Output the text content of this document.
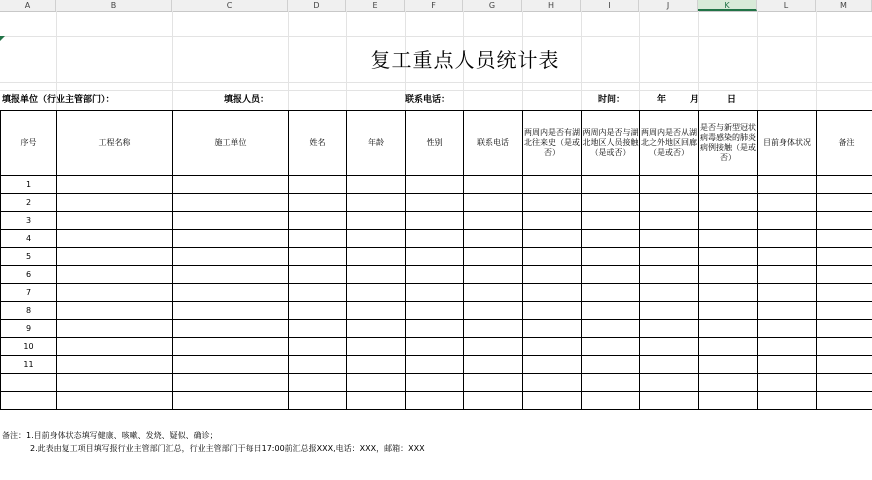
A	B	C	D	E	F	G	H	I	J	K	L	M
复工重点人员统计表
填报单位（行业主管部门）：	填报人员：	联系电话：	时间：	年	月	日
序号	工程名称	施工单位	姓名	年龄	性别	联系电话	两周内是否有湖北往来史（是或否）	两周内是否与湖北地区人员接触（是或否）	两周内是否从湖北之外地区回廊（是或否）	是否与新型冠状病毒感染的肺炎病例接触（是或否）	目前身体状况	备注
1												
2												
3												
4												
5												
6												
7												
8												
9												
10												
11												

备注：1.目前身体状态填写健康、咳嗽、发烧、疑似、确诊；
2.此表由复工项目填写报行业主管部门汇总，行业主管部门于每日17:00前汇总报XXX,电话：XXX，邮箱：XXX
